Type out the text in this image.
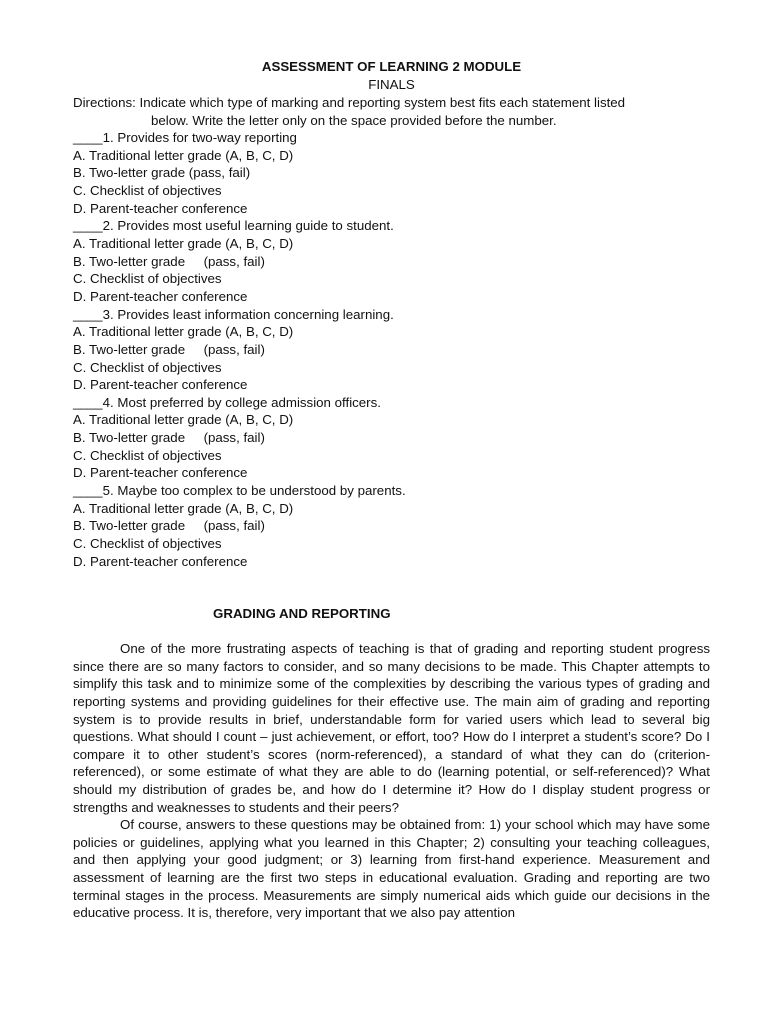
ASSESSMENT OF LEARNING 2 MODULE
FINALS
Directions: Indicate which type of marking and reporting system best fits each statement listed
below. Write the letter only on the space provided before the number.
____1. Provides for two-way reporting
A. Traditional letter grade (A, B, C, D)
B. Two-letter grade (pass, fail)
C. Checklist of objectives
D. Parent-teacher conference
____2. Provides most useful learning guide to student.
A. Traditional letter grade (A, B, C, D)
B. Two-letter grade     (pass, fail)
C. Checklist of objectives
D. Parent-teacher conference
____3. Provides least information concerning learning.
A. Traditional letter grade (A, B, C, D)
B. Two-letter grade     (pass, fail)
C. Checklist of objectives
D. Parent-teacher conference
____4. Most preferred by college admission officers.
A. Traditional letter grade (A, B, C, D)
B. Two-letter grade     (pass, fail)
C. Checklist of objectives
D. Parent-teacher conference
____5. Maybe too complex to be understood by parents.
A. Traditional letter grade (A, B, C, D)
B. Two-letter grade     (pass, fail)
C. Checklist of objectives
D. Parent-teacher conference
GRADING AND REPORTING

One of the more frustrating aspects of teaching is that of grading and reporting student progress since there are so many factors to consider, and so many decisions to be made. This Chapter attempts to simplify this task and to minimize some of the complexities by describing the various types of grading and reporting systems and providing guidelines for their effective use. The main aim of grading and reporting system is to provide results in brief, understandable form for varied users which lead to several big questions. What should I count – just achievement, or effort, too? How do I interpret a student’s score? Do I compare it to other student’s scores (norm-referenced), a standard of what they can do (criterion-referenced), or some estimate of what they are able to do (learning potential, or self-referenced)? What should my distribution of grades be, and how do I determine it? How do I display student progress or strengths and weaknesses to students and their peers?

Of course, answers to these questions may be obtained from: 1) your school which may have some policies or guidelines, applying what you learned in this Chapter; 2) consulting your teaching colleagues, and then applying your good judgment; or 3) learning from first-hand experience. Measurement and assessment of learning are the first two steps in educational evaluation. Grading and reporting are two terminal stages in the process. Measurements are simply numerical aids which guide our decisions in the educative process. It is, therefore, very important that we also pay attention
